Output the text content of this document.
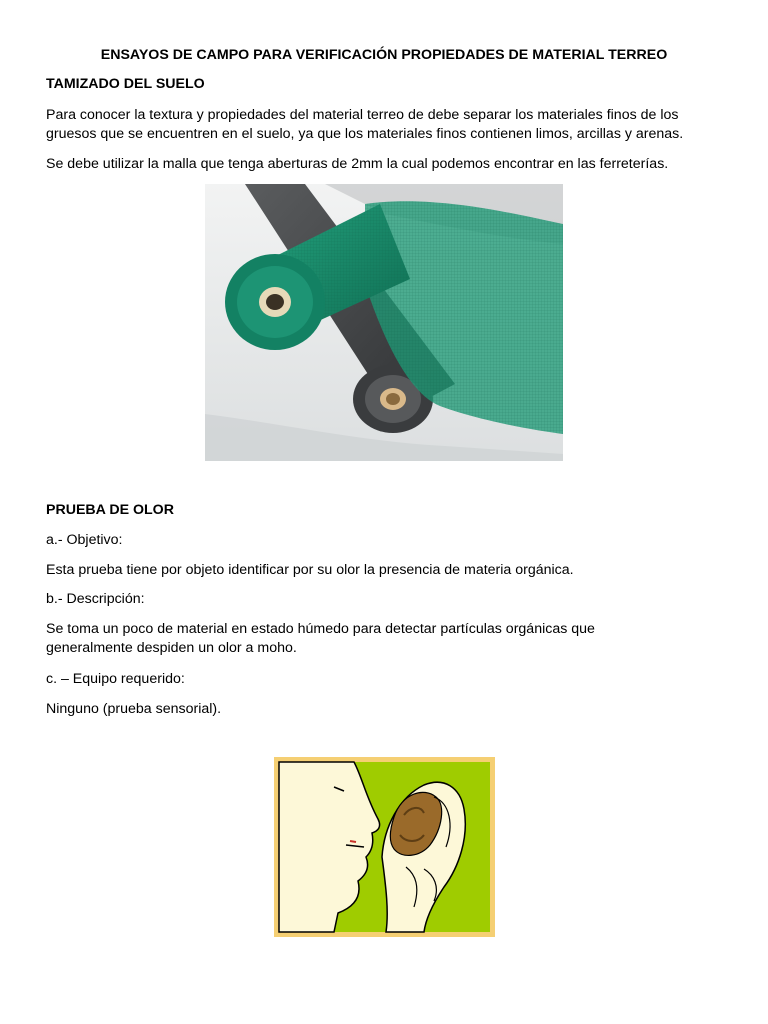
ENSAYOS DE CAMPO PARA VERIFICACIÓN PROPIEDADES DE MATERIAL TERREO

TAMIZADO DEL SUELO

Para conocer la textura y propiedades del material terreo de debe separar los materiales finos de los

gruesos que se encuentren en el suelo, ya que los materiales finos contienen limos, arcillas y arenas.

Se debe utilizar la malla que tenga aberturas de 2mm la cual podemos encontrar en las ferreterías.

PRUEBA DE OLOR

a.- Objetivo:

Esta prueba tiene por objeto identificar por su olor la presencia de materia orgánica.

b.- Descripción:

Se toma un poco de material en estado húmedo para detectar partículas orgánicas que

generalmente despiden un olor a moho.

c. – Equipo requerido:

Ninguno (prueba sensorial).
